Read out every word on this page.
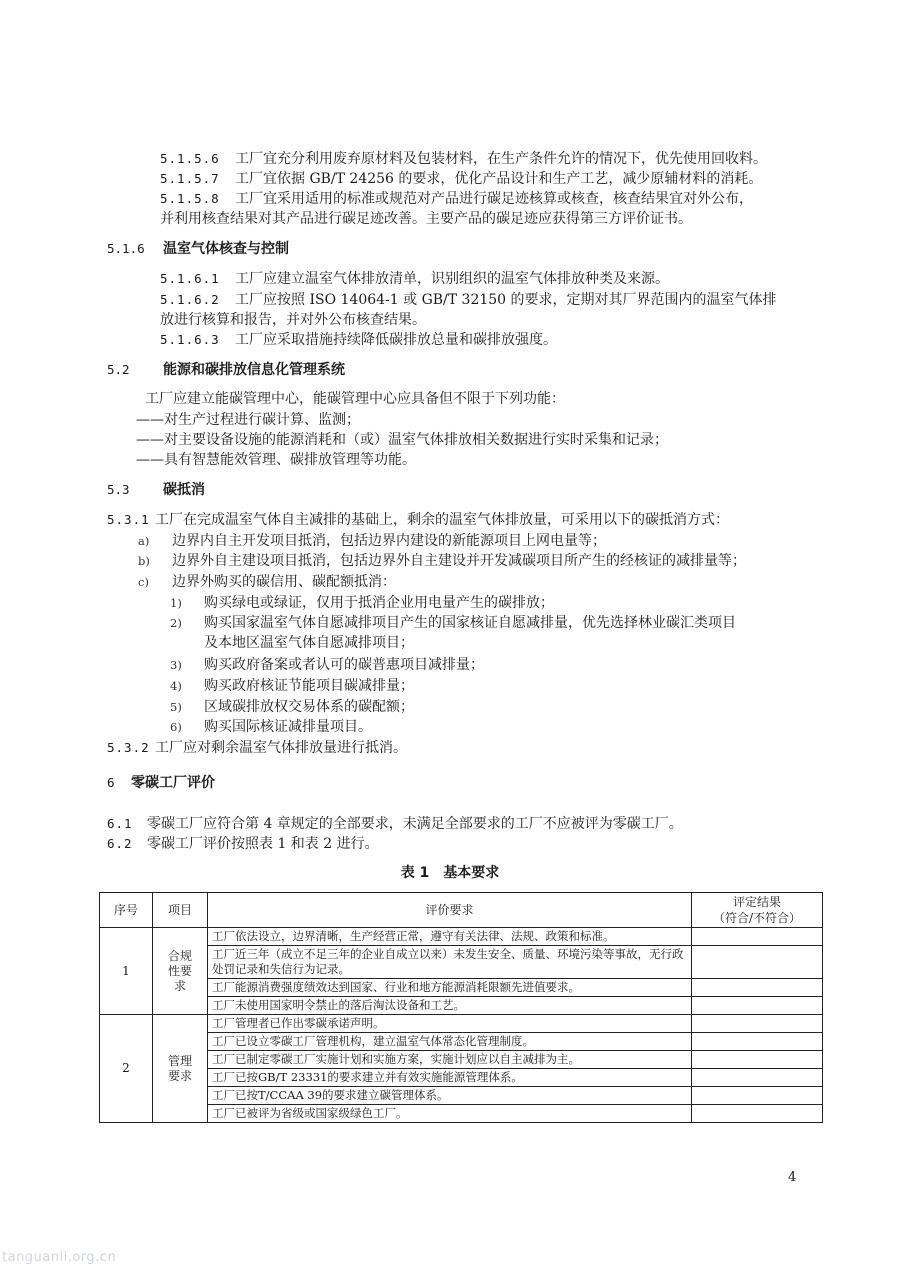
5.1.5.6 工厂宜充分利用废弃原材料及包装材料，在生产条件允许的情况下，优先使用回收料。
5.1.5.7 工厂宜依据 GB/T 24256 的要求，优化产品设计和生产工艺，减少原辅材料的消耗。
5.1.5.8 工厂宜采用适用的标准或规范对产品进行碳足迹核算或核查，核查结果宜对外公布，
并利用核查结果对其产品进行碳足迹改善。主要产品的碳足迹应获得第三方评价证书。
5.1.6 温室气体核查与控制
5.1.6.1 工厂应建立温室气体排放清单，识别组织的温室气体排放种类及来源。
5.1.6.2 工厂应按照 ISO 14064-1 或 GB/T 32150 的要求，定期对其厂界范围内的温室气体排
放进行核算和报告，并对外公布核查结果。
5.1.6.3 工厂应采取措施持续降低碳排放总量和碳排放强度。
5.2 能源和碳排放信息化管理系统
工厂应建立能碳管理中心，能碳管理中心应具备但不限于下列功能：
——对生产过程进行碳计算、监测；
——对主要设备设施的能源消耗和（或）温室气体排放相关数据进行实时采集和记录；
——具有智慧能效管理、碳排放管理等功能。
5.3 碳抵消
5.3.1 工厂在完成温室气体自主减排的基础上，剩余的温室气体排放量，可采用以下的碳抵消方式：
a) 边界内自主开发项目抵消，包括边界内建设的新能源项目上网电量等；
b) 边界外自主建设项目抵消，包括边界外自主建设并开发减碳项目所产生的经核证的减排量等；
c) 边界外购买的碳信用、碳配额抵消：
1) 购买绿电或绿证，仅用于抵消企业用电量产生的碳排放；
2) 购买国家温室气体自愿减排项目产生的国家核证自愿减排量，优先选择林业碳汇类项目
及本地区温室气体自愿减排项目；
3) 购买政府备案或者认可的碳普惠项目减排量；
4) 购买政府核证节能项目碳减排量；
5) 区域碳排放权交易体系的碳配额；
6) 购买国际核证减排量项目。
5.3.2 工厂应对剩余温室气体排放量进行抵消。
6 零碳工厂评价
6.1 零碳工厂应符合第 4 章规定的全部要求，未满足全部要求的工厂不应被评为零碳工厂。
6.2 零碳工厂评价按照表 1 和表 2 进行。
表 1　基本要求
序号	项目	评价要求	评定结果
（符合/不符合）

1	合规
性要
求	工厂依法设立，边界清晰，生产经营正常，遵守有关法律、法规、政策和标准。	
		工厂近三年（成立不足三年的企业自成立以来）未发生安全、质量、环境污染等事故，无行政处罚记录和失信行为记录。	
		工厂能源消费强度绩效达到国家、行业和地方能源消耗限额先进值要求。	
		工厂未使用国家明令禁止的落后淘汰设备和工艺。	
2	管理
要求	工厂管理者已作出零碳承诺声明。	
		工厂已设立零碳工厂管理机构，建立温室气体常态化管理制度。	
		工厂已制定零碳工厂实施计划和实施方案，实施计划应以自主减排为主。	
		工厂已按GB/T 23331的要求建立并有效实施能源管理体系。	
		工厂已按T/CCAA 39的要求建立碳管理体系。	
		工厂已被评为省级或国家级绿色工厂。	
4
tanguanli.org.cn
